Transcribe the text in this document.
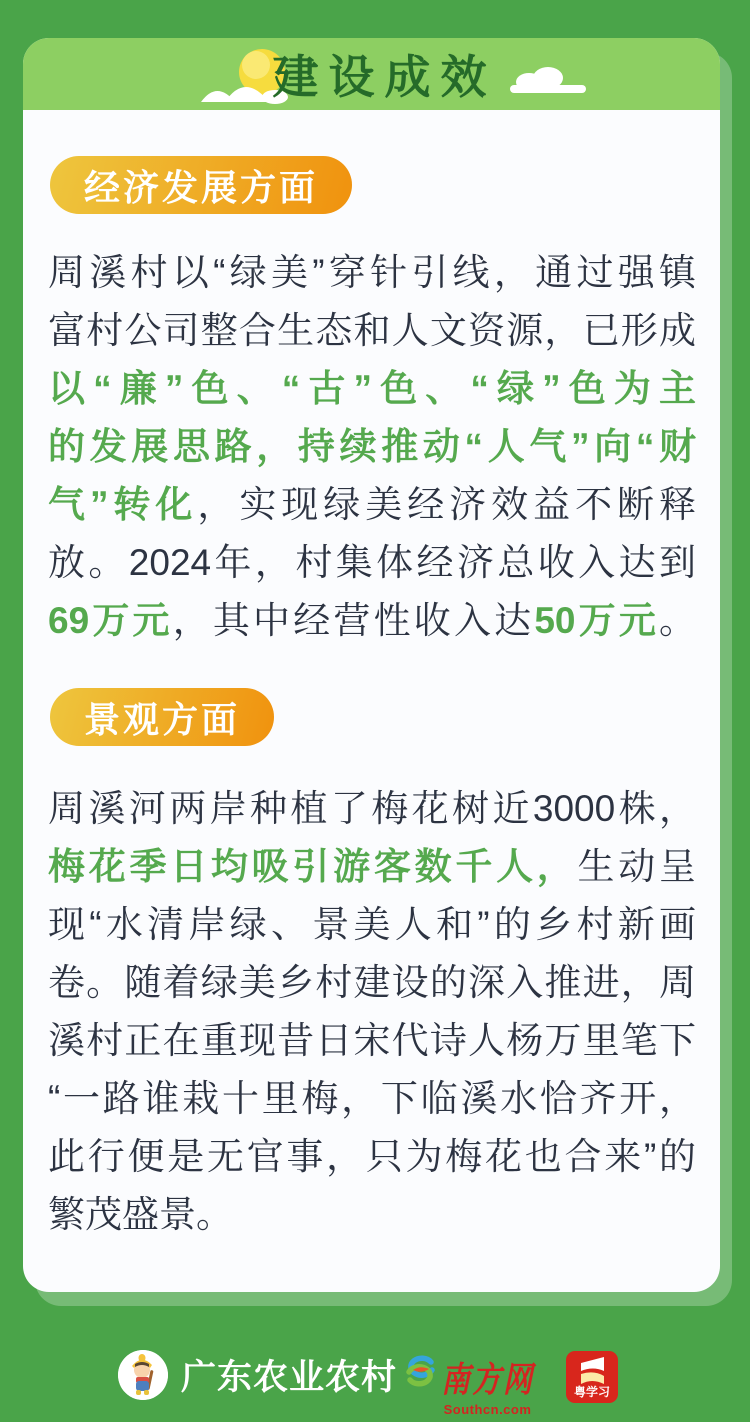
建设成效
经济发展方面
周溪村以“绿美”穿针引线，通过强镇
富村公司整合生态和人文资源，已形成
以“廉”色、“古”色、“绿”色为主
的发展思路，持续推动“人气”向“财
气”转化，实现绿美经济效益不断释
放。2024年，村集体经济总收入达到
69万元，其中经营性收入达50万元。
景观方面
周溪河两岸种植了梅花树近3000株，
梅花季日均吸引游客数千人，生动呈
现“水清岸绿、景美人和”的乡村新画
卷。随着绿美乡村建设的深入推进，周
溪村正在重现昔日宋代诗人杨万里笔下
“一路谁栽十里梅，下临溪水恰齐开，
此行便是无官事，只为梅花也合来”的
繁茂盛景。
广东农业农村 南方网
Southcn.com
粤学习
